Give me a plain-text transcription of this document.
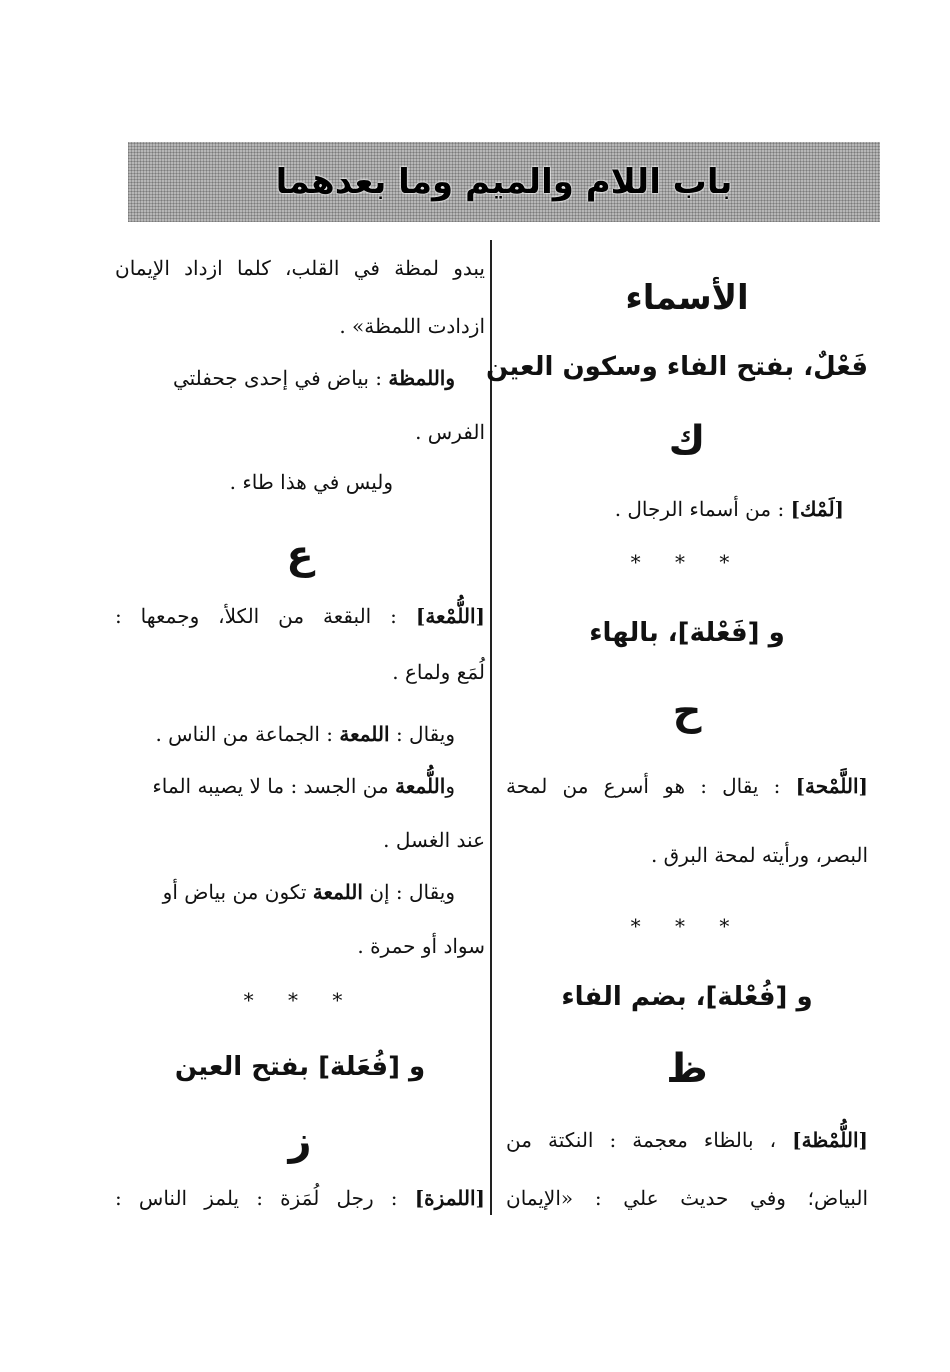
باب اللام والميم وما بعدهما
الأسماء
فَعْلٌ، بفتح الفاء وسكون العين
ك
[لَمْك] : من أسماء الرجال .
* * *
و [فَعْلة]، بالهاء
ح
[اللَّمْحة] : يقال : هو أسرع من لمحة
البصر، ورأيته لمحة البرق .
* * *
و [فُعْلة]، بضم الفاء
ظ
[اللُّمْظة] ، بالظاء معجمة : النكتة من
البياض؛ وفي حديث علي : «الإيمان
يبدو لمظة في القلب، كلما ازداد الإيمان
ازدادت اللمظة» .
واللمظة : بياض في إحدى جحفلتي
الفرس .
وليس في هذا طاء .
ع
[اللُّمْعة] : البقعة من الكلأ، وجمعها :
لُمَع ولماع .
ويقال : اللمعة : الجماعة من الناس .
واللُّمعة من الجسد : ما لا يصيبه الماء
عند الغسل .
ويقال : إن اللمعة تكون من بياض أو
سواد أو حمرة .
* * *
و [فُعَلة] بفتح العين
ز
[اللمزة] : رجل لُمَزة : يلمز الناس :
